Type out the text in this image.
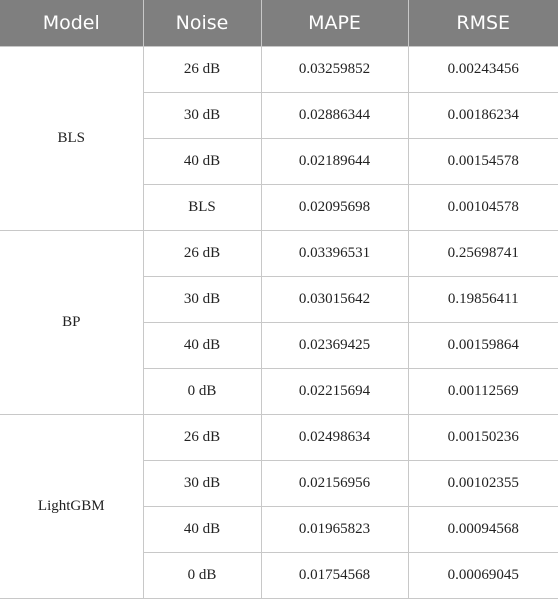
Model	Noise	MAPE	RMSE
BLS	26 dB	0.03259852	0.00243456
	30 dB	0.02886344	0.00186234
	40 dB	0.02189644	0.00154578
	BLS	0.02095698	0.00104578
BP	26 dB	0.03396531	0.25698741
	30 dB	0.03015642	0.19856411
	40 dB	0.02369425	0.00159864
	0 dB	0.02215694	0.00112569
LightGBM	26 dB	0.02498634	0.00150236
	30 dB	0.02156956	0.00102355
	40 dB	0.01965823	0.00094568
	0 dB	0.01754568	0.00069045
